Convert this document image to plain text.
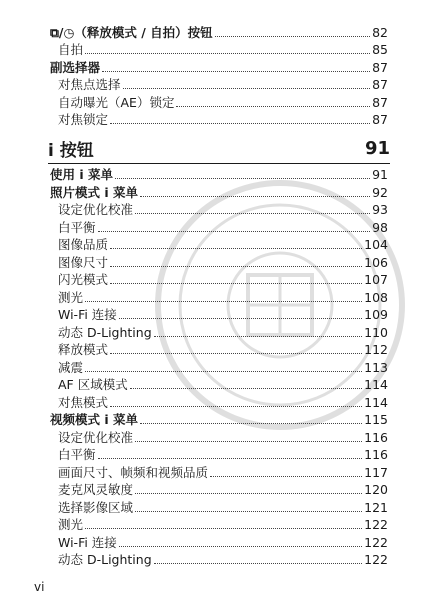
⧉/◷（释放模式 / 自拍）按钮	82
自拍	85
副选择器	87
对焦点选择	87
自动曝光（AE）锁定	87
对焦锁定	87
i 按钮	91
使用 i 菜单	91
照片模式 i 菜单	92
设定优化校准	93
白平衡	98
图像品质	104
图像尺寸	106
闪光模式	107
测光	108
Wi-Fi 连接	109
动态 D-Lighting	110
释放模式	112
减震	113
AF 区域模式	114
对焦模式	114
视频模式 i 菜单	115
设定优化校准	116
白平衡	116
画面尺寸、帧频和视频品质	117
麦克风灵敏度	120
选择影像区域	121
测光	122
Wi-Fi 连接	122
动态 D-Lighting	122
vi
